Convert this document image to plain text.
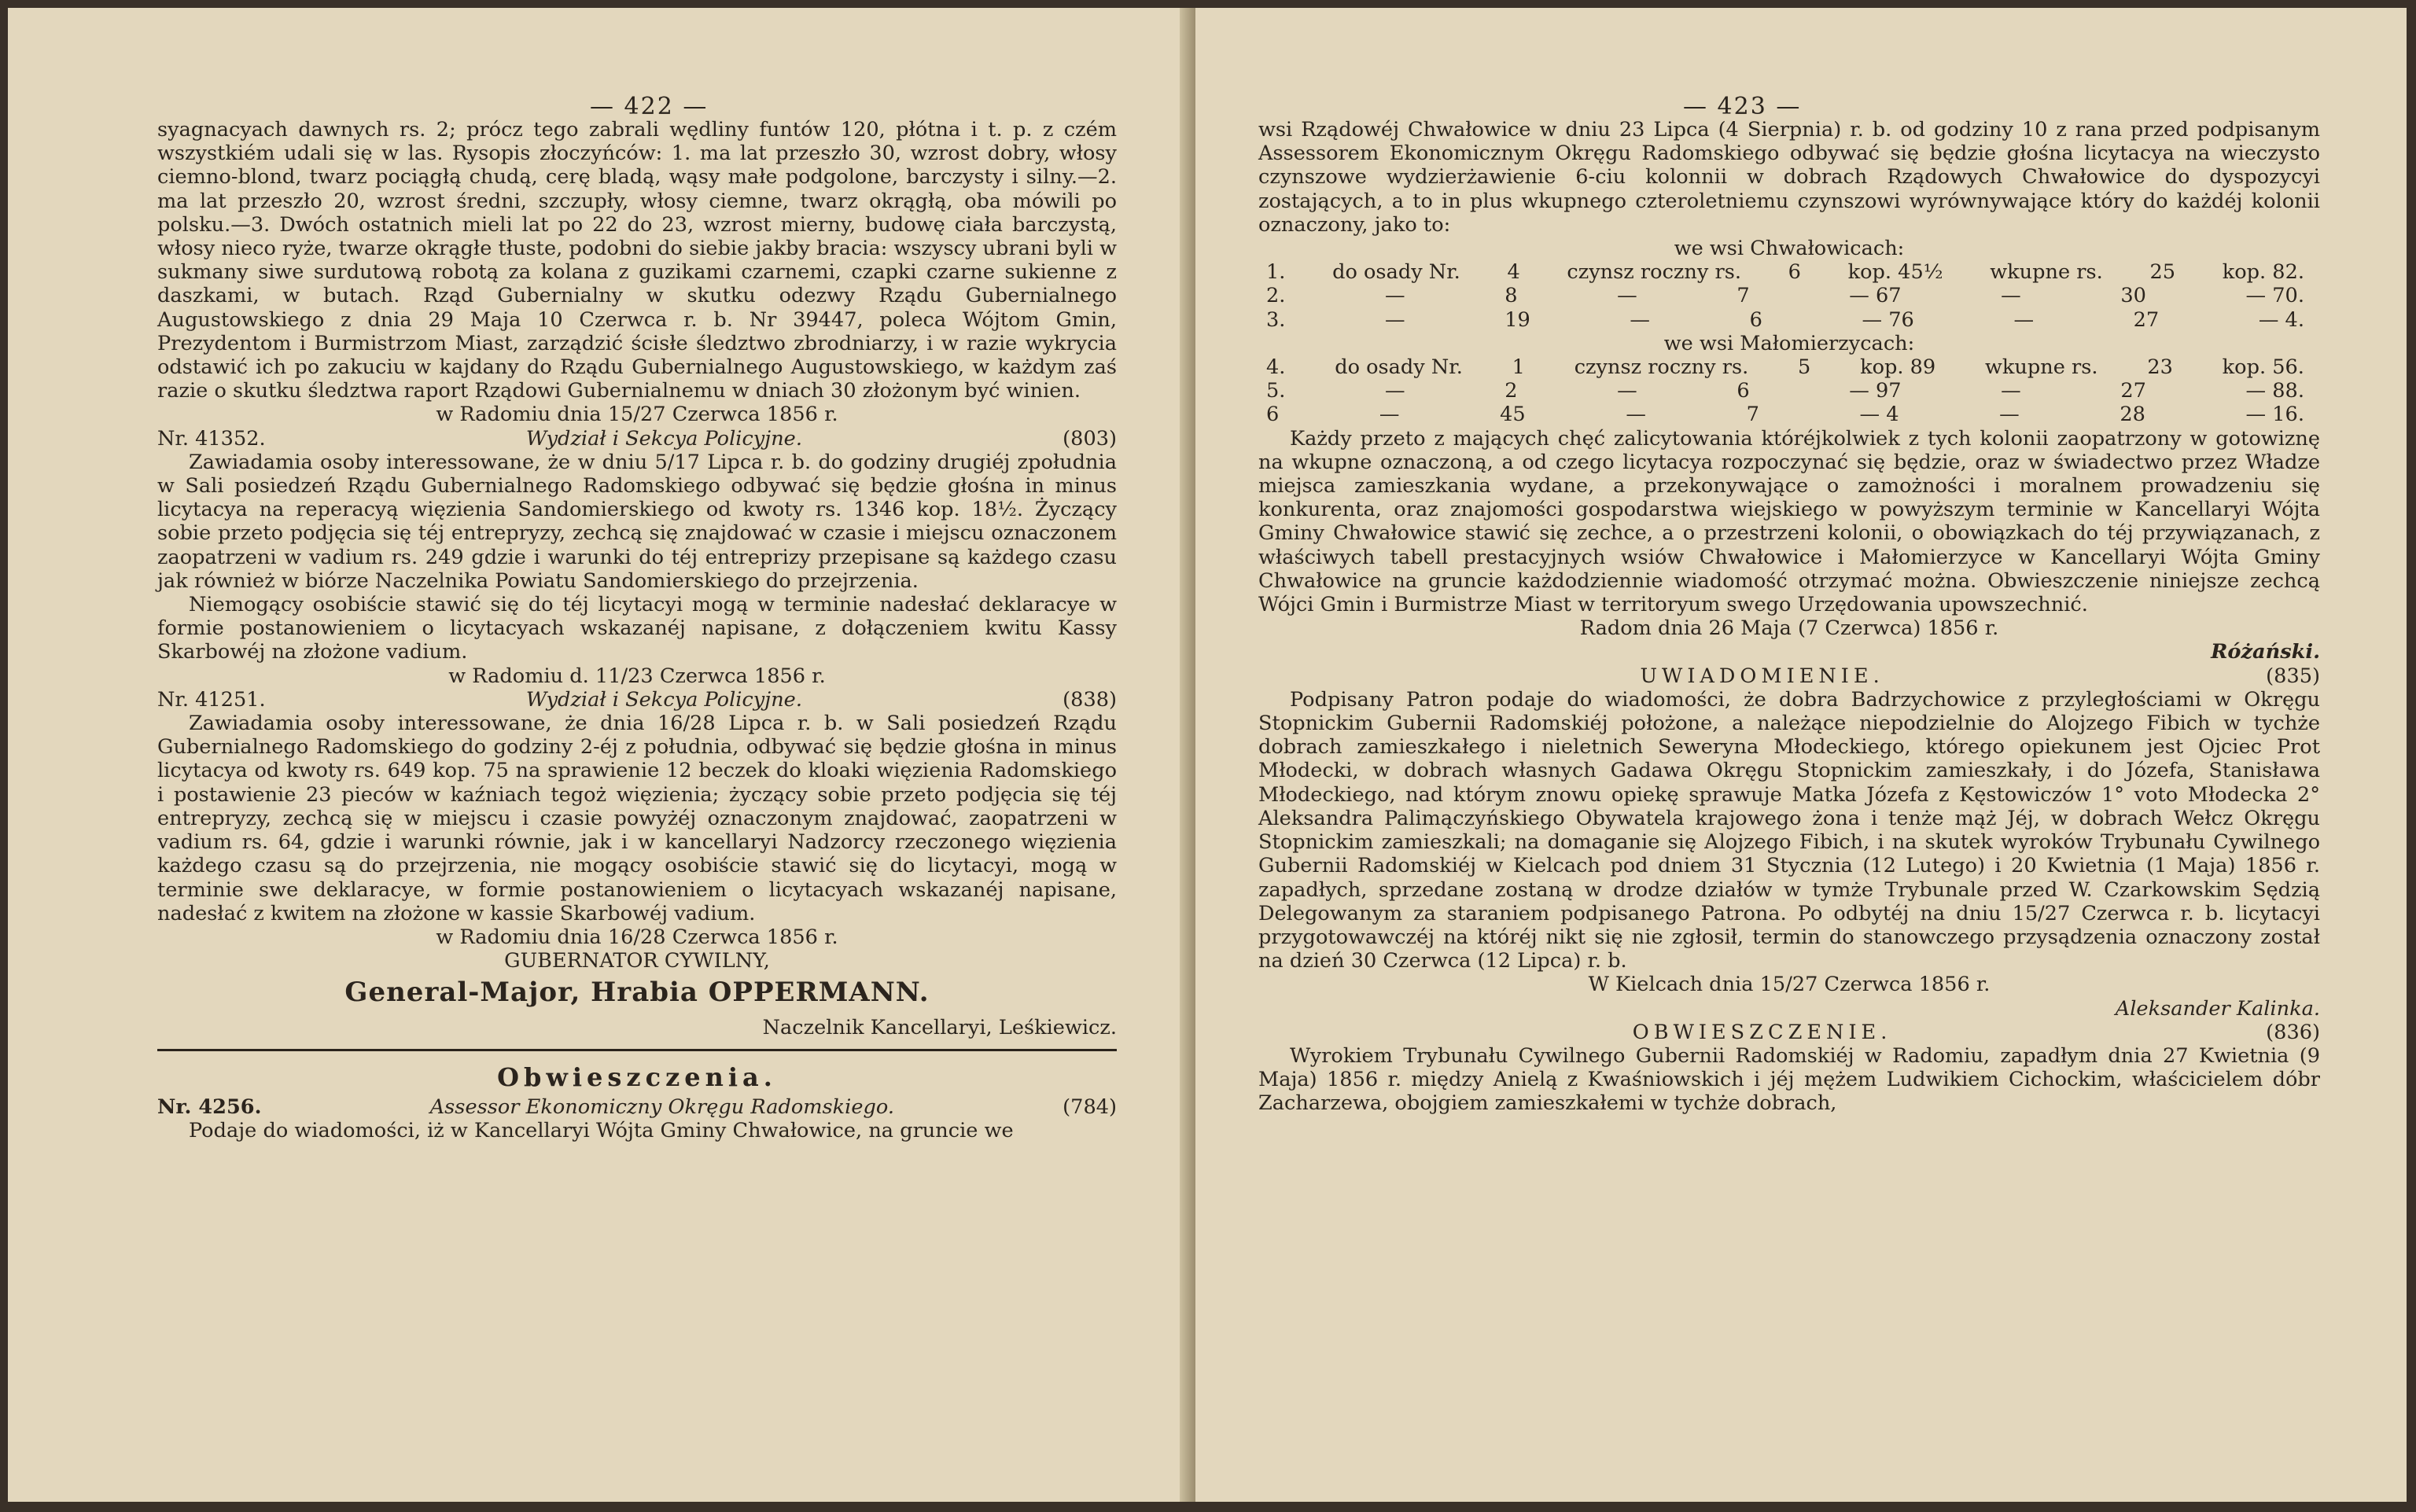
— 422 —

syagnacyach dawnych rs. 2; prócz tego zabrali wędliny funtów 120, płótna i t. p. z czém wszystkiém udali się w las. Rysopis złoczyńców: 1. ma lat przeszło 30, wzrost dobry, włosy ciemno-blond, twarz pociągłą chudą, cerę bladą, wąsy małe podgolone, barczysty i silny.—2. ma lat przeszło 20, wzrost średni, szczupły, włosy ciemne, twarz okrągłą, oba mówili po polsku.—3. Dwóch ostatnich mieli lat po 22 do 23, wzrost mierny, budowę ciała barczystą, włosy nieco ryże, twarze okrągłe tłuste, podobni do siebie jakby bracia: wszyscy ubrani byli w sukmany siwe surdutową robotą za kolana z guzikami czarnemi, czapki czarne sukienne z daszkami, w butach. Rząd Gubernialny w skutku odezwy Rządu Gubernialnego Augustowskiego z dnia 29 Maja 10 Czerwca r. b. Nr 39447, poleca Wójtom Gmin, Prezydentom i Burmistrzom Miast, zarządzić ścisłe śledztwo zbrodniarzy, i w razie wykrycia odstawić ich po zakuciu w kajdany do Rządu Gubernialnego Augustowskiego, w każdym zaś razie o skutku śledztwa raport Rządowi Gubernialnemu w dniach 30 złożonym być winien.

w Radomiu dnia 15/27 Czerwca 1856 r.

Nr. 41352.	Wydział i Sekcya Policyjne.	(803)

Zawiadamia osoby interessowane, że w dniu 5/17 Lipca r. b. do godziny drugiéj zpołudnia w Sali posiedzeń Rządu Gubernialnego Radomskiego odbywać się będzie głośna in minus licytacya na reperacyą więzienia Sandomierskiego od kwoty rs. 1346 kop. 18½. Życzący sobie przeto podjęcia się téj entrepryzy, zechcą się znajdować w czasie i miejscu oznaczonem zaopatrzeni w vadium rs. 249 gdzie i warunki do téj entreprizy przepisane są każdego czasu jak również w biórze Naczelnika Powiatu Sandomierskiego do przejrzenia.

Niemogący osobiście stawić się do téj licytacyi mogą w terminie nadesłać deklaracye w formie postanowieniem o licytacyach wskazanéj napisane, z dołączeniem kwitu Kassy Skarbowéj na złożone vadium.

w Radomiu d. 11/23 Czerwca 1856 r.

Nr. 41251.	Wydział i Sekcya Policyjne.	(838)

Zawiadamia osoby interessowane, że dnia 16/28 Lipca r. b. w Sali posiedzeń Rządu Gubernialnego Radomskiego do godziny 2-éj z południa, odbywać się będzie głośna in minus licytacya od kwoty rs. 649 kop. 75 na sprawienie 12 beczek do kloaki więzienia Radomskiego i postawienie 23 pieców w kaźniach tegoż więzienia; życzący sobie przeto podjęcia się téj entrepryzy, zechcą się w miejscu i czasie powyżéj oznaczonym znajdować, zaopatrzeni w vadium rs. 64, gdzie i warunki równie, jak i w kancellaryi Nadzorcy rzeczonego więzienia każdego czasu są do przejrzenia, nie mogący osobiście stawić się do licytacyi, mogą w terminie swe deklaracye, w formie postanowieniem o licytacyach wskazanéj napisane, nadesłać z kwitem na złożone w kassie Skarbowéj vadium.

w Radomiu dnia 16/28 Czerwca 1856 r.

GUBERNATOR CYWILNY,

General-Major, Hrabia OPPERMANN.

Naczelnik Kancellaryi, Leśkiewicz.

Obwieszczenia.
Nr. 4256.	Assessor Ekonomiczny Okręgu Radomskiego.	(784)

Podaje do wiadomości, iż w Kancellaryi Wójta Gminy Chwałowice, na gruncie we

— 423 —

wsi Rządowéj Chwałowice w dniu 23 Lipca (4 Sierpnia) r. b. od godziny 10 z rana przed podpisanym Assessorem Ekonomicznym Okręgu Radomskiego odbywać się będzie głośna licytacya na wieczysto czynszowe wydzierżawienie 6-ciu kolonnii w dobrach Rządowych Chwałowice do dyspozycyi zostających, a to in plus wkupnego czteroletniemu czynszowi wyrównywające który do każdéj kolonii oznaczony, jako to:

we wsi Chwałowicach:

1. do osady Nr. 4 czynsz roczny rs. 6 kop. 45½ wkupne rs. 25 kop. 82.
2.	—	8	—	7	— 67	—	30	— 70.
3.	—	19	—	6	— 76	—	27	— 4.

we wsi Małomierzycach:

4. do osady Nr. 1 czynsz roczny rs. 5 kop. 89 wkupne rs. 23 kop. 56.
5.	—	2	—	6	— 97	—	27	— 88.
6	—	45	—	7	— 4	—	28	— 16.

Każdy przeto z mających chęć zalicytowania któréjkolwiek z tych kolonii zaopatrzony w gotowiznę na wkupne oznaczoną, a od czego licytacya rozpoczynać się będzie, oraz w świadectwo przez Władze miejsca zamieszkania wydane, a przekonywające o zamożności i moralnem prowadzeniu się konkurenta, oraz znajomości gospodarstwa wiejskiego w powyższym terminie w Kancellaryi Wójta Gminy Chwałowice stawić się zechce, a o przestrzeni kolonii, o obowiązkach do téj przywiązanach, z właściwych tabell prestacyjnych wsiów Chwałowice i Małomierzyce w Kancellaryi Wójta Gminy Chwałowice na gruncie każdodziennie wiadomość otrzymać można. Obwieszczenie niniejsze zechcą Wójci Gmin i Burmistrze Miast w territoryum swego Urzędowania upowszechnić.

Radom dnia 26 Maja (7 Czerwca) 1856 r.

Różański.

UWIADOMIENIE.	(835)

Podpisany Patron podaje do wiadomości, że dobra Badrzychowice z przyległościami w Okręgu Stopnickim Gubernii Radomskiéj położone, a należące niepodzielnie do Alojzego Fibich w tychże dobrach zamieszkałego i nieletnich Seweryna Młodeckiego, którego opiekunem jest Ojciec Prot Młodecki, w dobrach własnych Gadawa Okręgu Stopnickim zamieszkały, i do Józefa, Stanisława Młodeckiego, nad którym znowu opiekę sprawuje Matka Józefa z Kęstowiczów 1° voto Młodecka 2° Aleksandra Palimączyńskiego Obywatela krajowego żona i tenże mąż Jéj, w dobrach Wełcz Okręgu Stopnickim zamieszkali; na domaganie się Alojzego Fibich, i na skutek wyroków Trybunału Cywilnego Gubernii Radomskiéj w Kielcach pod dniem 31 Stycznia (12 Lutego) i 20 Kwietnia (1 Maja) 1856 r. zapadłych, sprzedane zostaną w drodze działów w tymże Trybunale przed W. Czarkowskim Sędzią Delegowanym za staraniem podpisanego Patrona. Po odbytéj na dniu 15/27 Czerwca r. b. licytacyi przygotowawczéj na któréj nikt się nie zgłosił, termin do stanowczego przysądzenia oznaczony został na dzień 30 Czerwca (12 Lipca) r. b.

W Kielcach dnia 15/27 Czerwca 1856 r.

Aleksander Kalinka.

OBWIESZCZENIE.	(836)

Wyrokiem Trybunału Cywilnego Gubernii Radomskiéj w Radomiu, zapadłym dnia 27 Kwietnia (9 Maja) 1856 r. między Anielą z Kwaśniowskich i jéj mężem Ludwikiem Cichockim, właścicielem dóbr Zacharzewa, obojgiem zamieszkałemi w tychże dobrach,
